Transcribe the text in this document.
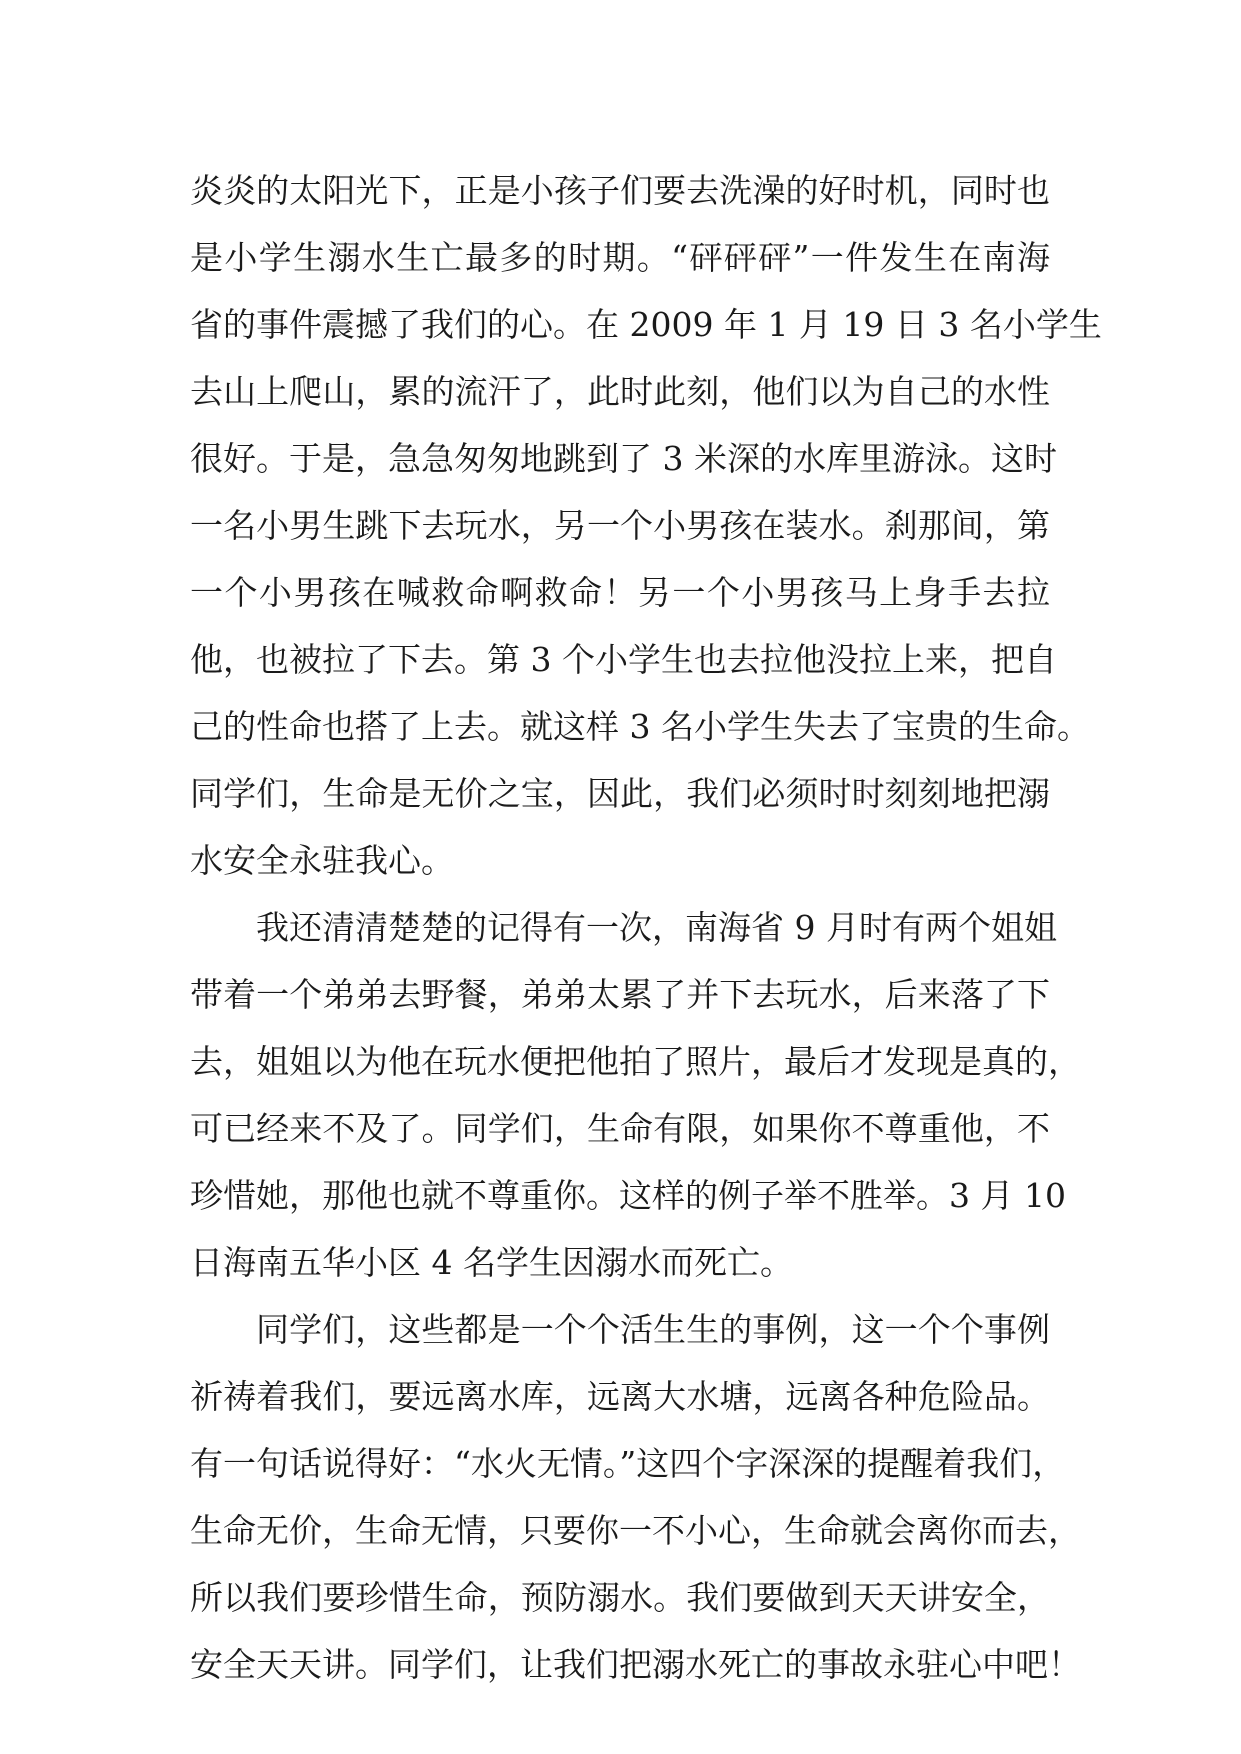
炎炎的太阳光下，正是小孩子们要去洗澡的好时机，同时也
是小学生溺水生亡最多的时期。“砰砰砰”一件发生在南海
省的事件震撼了我们的心。在 2009 年 1 月 19 日 3 名小学生
去山上爬山，累的流汗了，此时此刻，他们以为自己的水性
很好。于是，急急匆匆地跳到了 3 米深的水库里游泳。这时
一名小男生跳下去玩水，另一个小男孩在装水。刹那间，第
一个小男孩在喊救命啊救命！另一个小男孩马上身手去拉
他，也被拉了下去。第 3 个小学生也去拉他没拉上来，把自
己的性命也搭了上去。就这样 3 名小学生失去了宝贵的生命。
同学们，生命是无价之宝，因此，我们必须时时刻刻地把溺
水安全永驻我心。
我还清清楚楚的记得有一次，南海省 9 月时有两个姐姐
带着一个弟弟去野餐，弟弟太累了并下去玩水，后来落了下
去，姐姐以为他在玩水便把他拍了照片，最后才发现是真的，
可已经来不及了。同学们，生命有限，如果你不尊重他，不
珍惜她，那他也就不尊重你。这样的例子举不胜举。3 月 10
日海南五华小区 4 名学生因溺水而死亡。
同学们，这些都是一个个活生生的事例，这一个个事例
祈祷着我们，要远离水库，远离大水塘，远离各种危险品。
有一句话说得好：“水火无情。”这四个字深深的提醒着我们，
生命无价，生命无情，只要你一不小心，生命就会离你而去，
所以我们要珍惜生命，预防溺水。我们要做到天天讲安全，
安全天天讲。同学们，让我们把溺水死亡的事故永驻心中吧！
